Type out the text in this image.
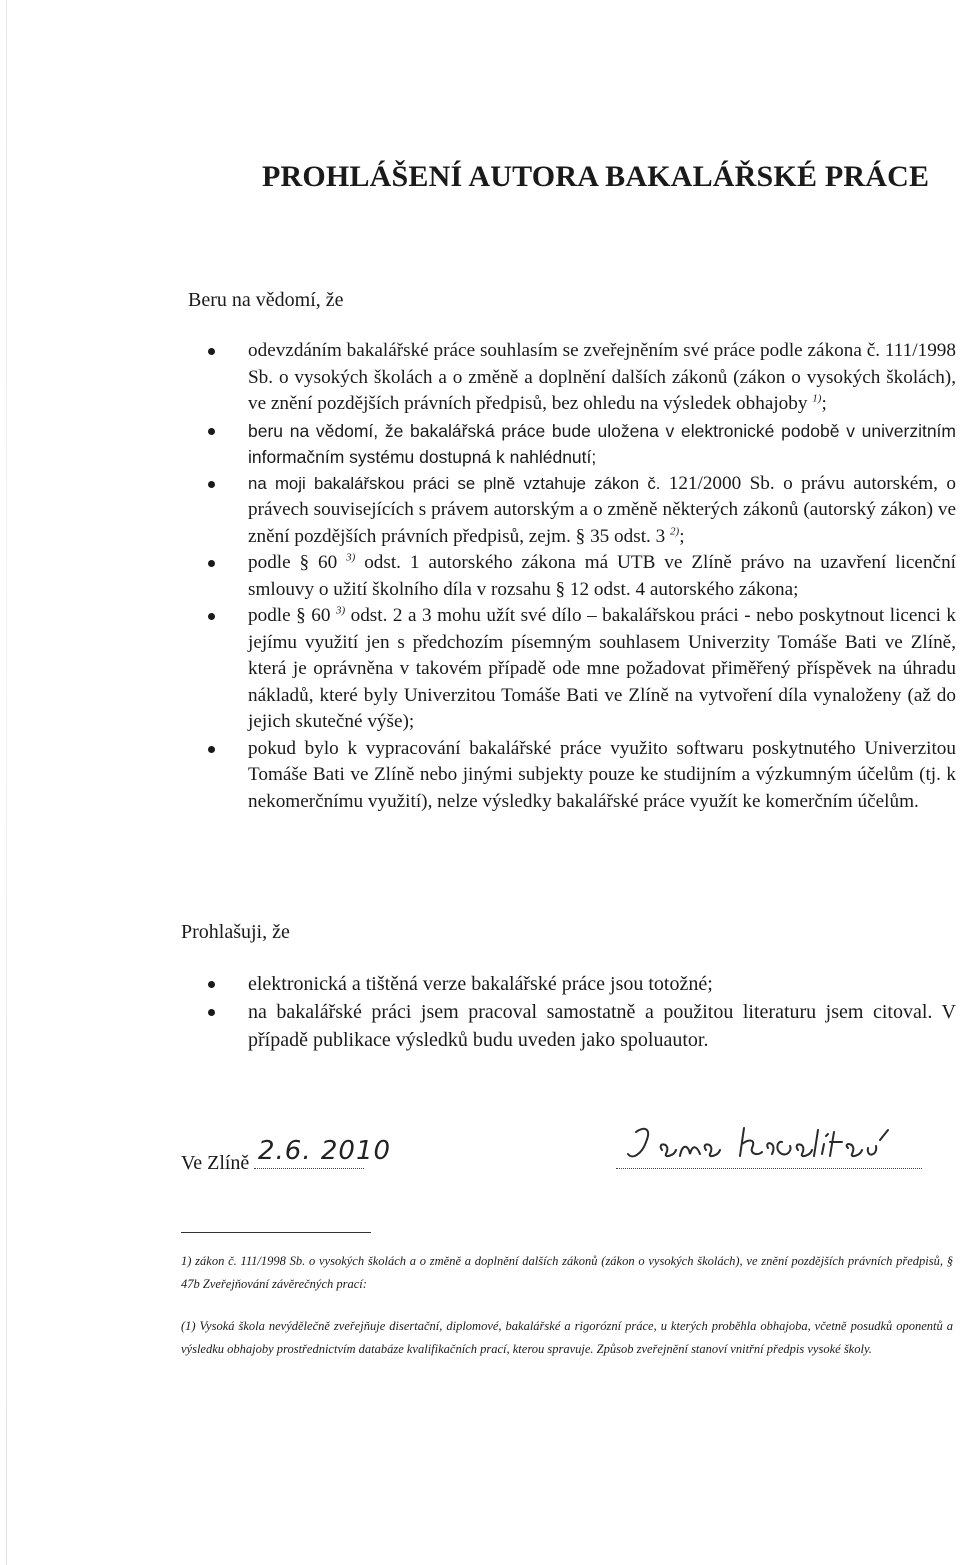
PROHLÁŠENÍ AUTORA BAKALÁŘSKÉ PRÁCE
Beru na vědomí, že
odevzdáním bakalářské práce souhlasím se zveřejněním své práce podle zákona č. 111/1998 Sb. o vysokých školách a o změně a doplnění dalších zákonů (zákon o vysokých školách), ve znění pozdějších právních předpisů, bez ohledu na výsledek obhajoby $^{1)}$;
beru na vědomí, že bakalářská práce bude uložena v elektronické podobě v univerzitním informačním systému dostupná k nahlédnutí;
na moji bakalářskou práci se plně vztahuje zákon č. 121/2000 Sb. o právu autorském, o právech souvisejících s právem autorským a o změně některých zákonů (autorský zákon) ve znění pozdějších právních předpisů, zejm. § 35 odst. 3 $^{2)}$;
podle § 60 $^{3)}$ odst. 1 autorského zákona má UTB ve Zlíně právo na uzavření licenční smlouvy o užití školního díla v rozsahu § 12 odst. 4 autorského zákona;
podle § 60 $^{3)}$ odst. 2 a 3 mohu užít své dílo – bakalářskou práci - nebo poskytnout licenci k jejímu využití jen s předchozím písemným souhlasem Univerzity Tomáše Bati ve Zlíně, která je oprávněna v takovém případě ode mne požadovat přiměřený příspěvek na úhradu nákladů, které byly Univerzitou Tomáše Bati ve Zlíně na vytvoření díla vynaloženy (až do jejich skutečné výše);
pokud bylo k vypracování bakalářské práce využito softwaru poskytnutého Univerzitou Tomáše Bati ve Zlíně nebo jinými subjekty pouze ke studijním a výzkumným účelům (tj. k nekomerčnímu využití), nelze výsledky bakalářské práce využít ke komerčním účelům.
Prohlašuji, že
elektronická a tištěná verze bakalářské práce jsou totožné;
na bakalářské práci jsem pracoval samostatně a použitou literaturu jsem citoval. V případě publikace výsledků budu uveden jako spoluautor.
Ve Zlíně 2.6. 2010

1) zákon č. 111/1998 Sb. o vysokých školách a o změně a doplnění dalších zákonů (zákon o vysokých školách), ve znění pozdějších právních předpisů, § 47b Zveřejňování závěrečných prací:

(1) Vysoká škola nevýdělečně zveřejňuje disertační, diplomové, bakalářské a rigorózní práce, u kterých proběhla obhajoba, včetně posudků oponentů a výsledku obhajoby prostřednictvím databáze kvalifikačních prací, kterou spravuje. Způsob zveřejnění stanoví vnitřní předpis vysoké školy.
